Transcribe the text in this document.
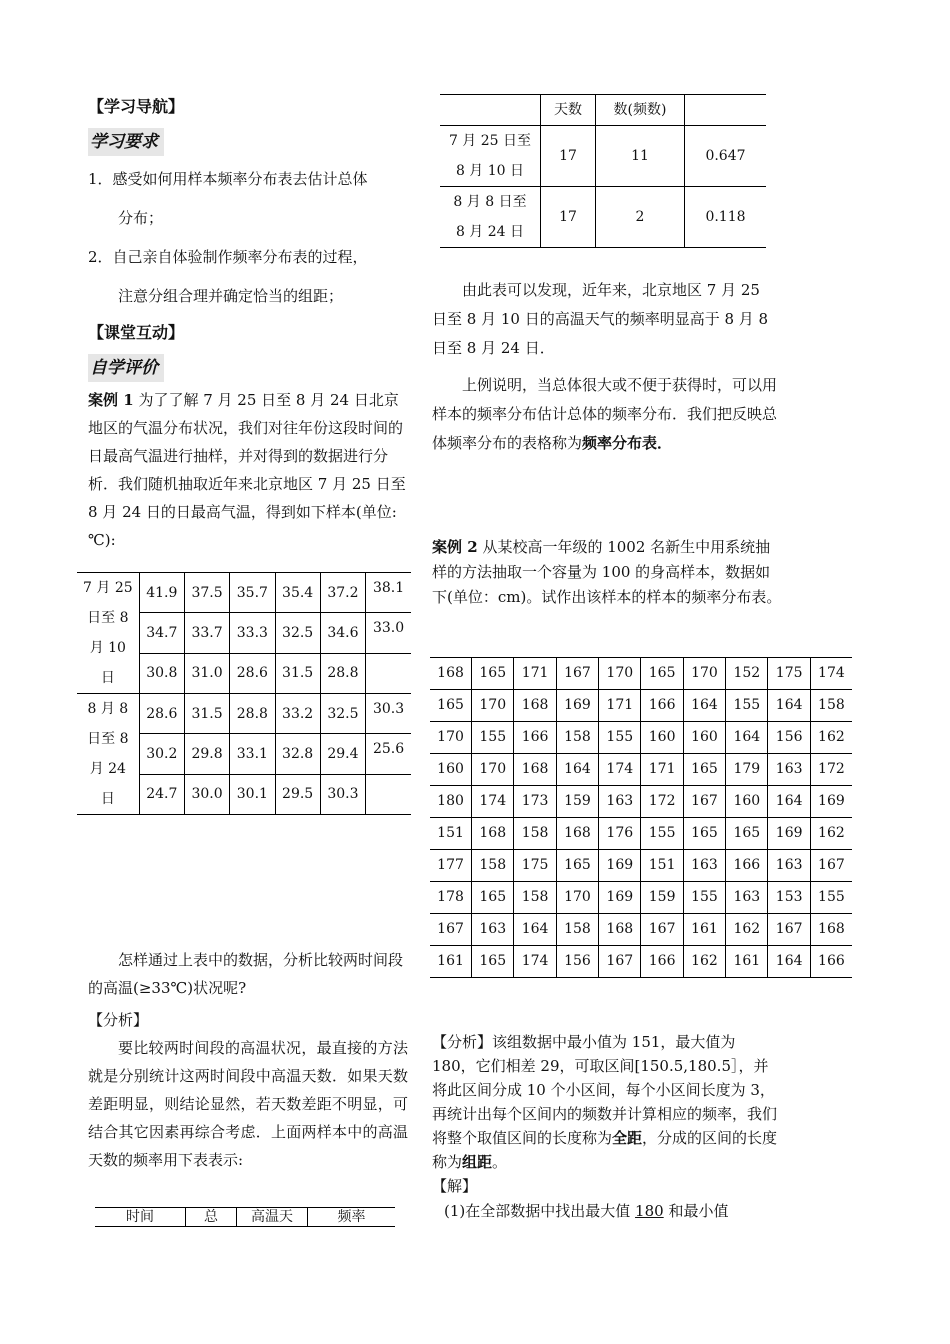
【学习导航】

学习要求

1．感受如何用样本频率分布表去估计总体

分布；

2．自己亲自体验制作频率分布表的过程，

注意分组合理并确定恰当的组距；

【课堂互动】

自学评价

案例 1 为了了解 7 月 25 日至 8 月 24 日北京地区的气温分布状况，我们对往年份这段时间的日最高气温进行抽样，并对得到的数据进行分析．我们随机抽取近年来北京地区 7 月 25 日至 8 月 24 日的日最高气温，得到如下样本(单位:℃):

7 月 25 日至 8 月 10 日	41.9	37.5	35.7	35.4	37.2	38.1
	34.7	33.7	33.3	32.5	34.6	33.0
	30.8	31.0	28.6	31.5	28.8	
8 月 8 日至 8 月 24 日	28.6	31.5	28.8	33.2	32.5	30.3
	30.2	29.8	33.1	32.8	29.4	25.6
	24.7	30.0	30.1	29.5	30.3	

怎样通过上表中的数据，分析比较两时间段的高温(≥33℃)状况呢?

【分析】

要比较两时间段的高温状况，最直接的方法就是分别统计这两时间段中高温天数．如果天数差距明显，则结论显然，若天数差距不明显，可结合其它因素再综合考虑．上面两样本中的高温天数的频率用下表表示:

时间	总	高温天	频率
	天数	数(频数)	
7 月 25 日至 8 月 10 日	17	11	0.647
8 月 8 日至 8 月 24 日	17	2	0.118

由此表可以发现，近年来，北京地区 7 月 25 日至 8 月 10 日的高温天气的频率明显高于 8 月 8 日至 8 月 24 日．

上例说明，当总体很大或不便于获得时，可以用样本的频率分布估计总体的频率分布．我们把反映总体频率分布的表格称为频率分布表．

案例 2 从某校高一年级的 1002 名新生中用系统抽样的方法抽取一个容量为 100 的身高样本，数据如下(单位：cm)。试作出该样本的样本的频率分布表。

168	165	171	167	170	165	170	152	175	174
165	170	168	169	171	166	164	155	164	158
170	155	166	158	155	160	160	164	156	162
160	170	168	164	174	171	165	179	163	172
180	174	173	159	163	172	167	160	164	169
151	168	158	168	176	155	165	165	169	162
177	158	175	165	169	151	163	166	163	167
178	165	158	170	169	159	155	163	153	155
167	163	164	158	168	167	161	162	167	168
161	165	174	156	167	166	162	161	164	166

【分析】该组数据中最小值为 151，最大值为 180，它们相差 29，可取区间[150.5,180.5］，并将此区间分成 10 个小区间，每个小区间长度为 3，再统计出每个区间内的频数并计算相应的频率，我们将整个取值区间的长度称为全距，分成的区间的长度称为组距。

【解】

(1)在全部数据中找出最大值 180 和最小值
